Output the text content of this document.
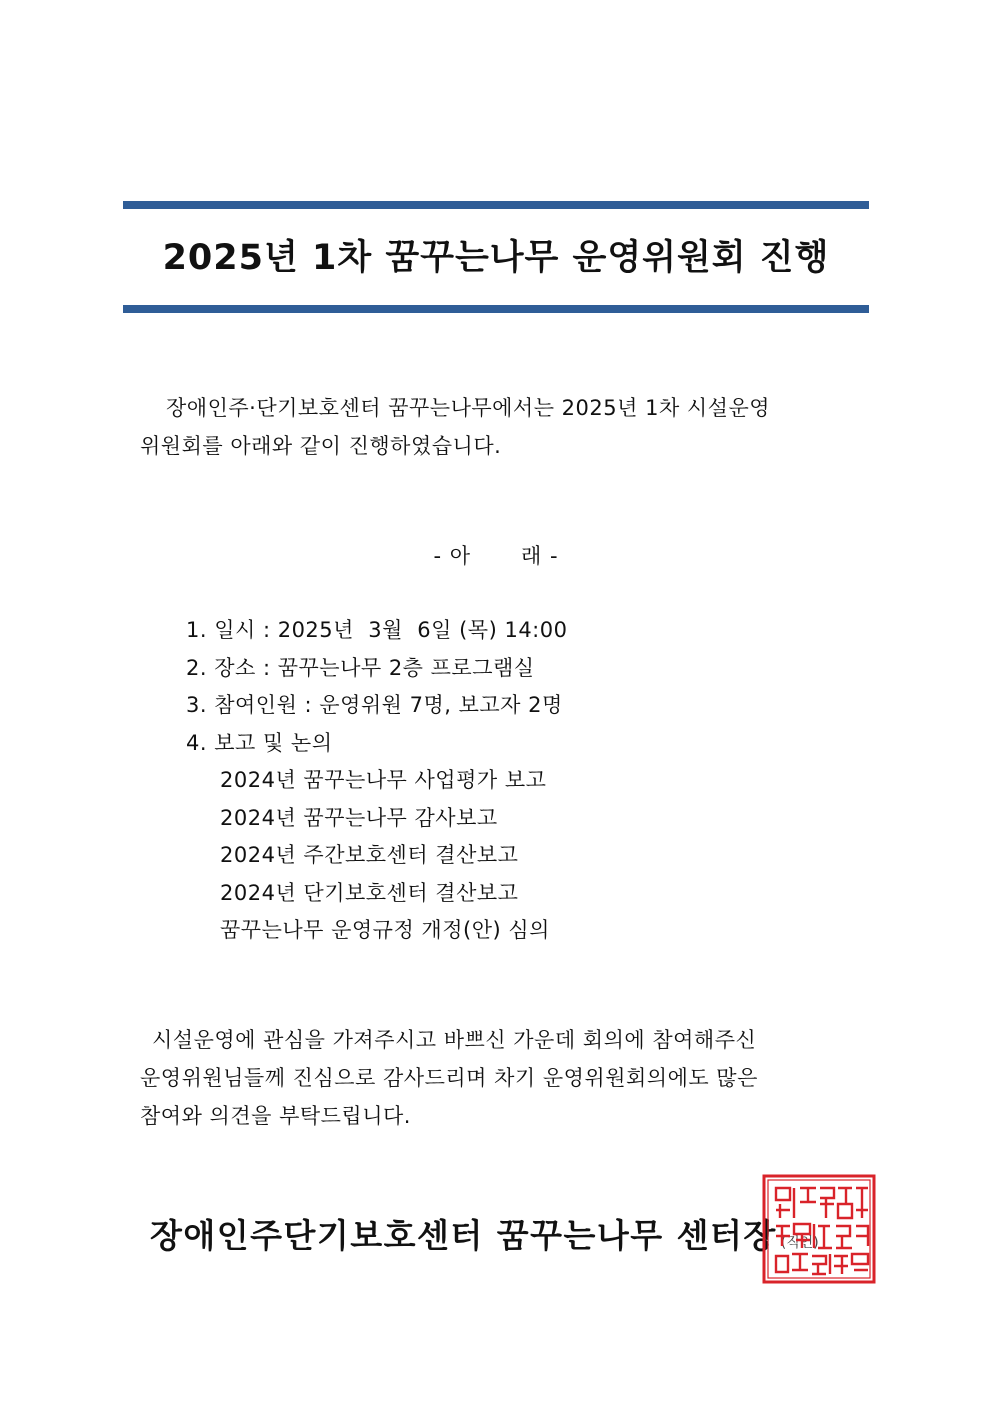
2025년 1차 꿈꾸는나무 운영위원회 진행
장애인주·단기보호센터 꿈꾸는나무에서는 2025년 1차 시설운영
위원회를 아래와 같이 진행하였습니다.
- 아 래 -
1. 일시 : 2025년  3월  6일 (목) 14:00
2. 장소 : 꿈꾸는나무 2층 프로그램실
3. 참여인원 : 운영위원 7명, 보고자 2명
4. 보고 및 논의
2024년 꿈꾸는나무 사업평가 보고
2024년 꿈꾸는나무 감사보고
2024년 주간보호센터 결산보고
2024년 단기보호센터 결산보고
꿈꾸는나무 운영규정 개정(안) 심의
시설운영에 관심을 가져주시고 바쁘신 가운데 회의에 참여해주신
운영위원님들께 진심으로 감사드리며 차기 운영위원회의에도 많은
참여와 의견을 부탁드립니다.
장애인주단기보호센터 꿈꾸는나무 센터장 (직인)
